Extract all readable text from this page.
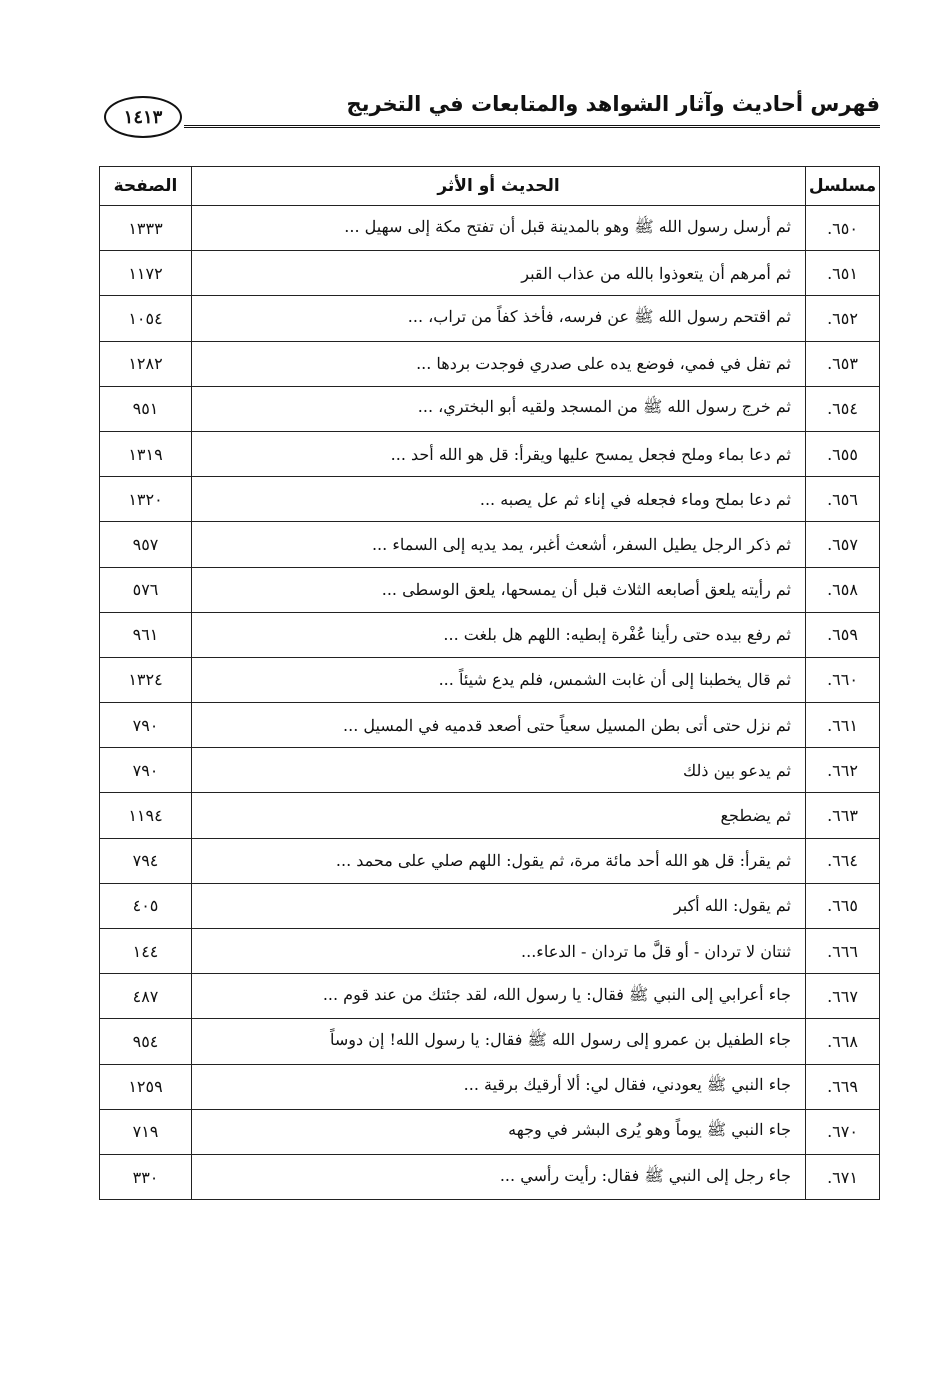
فهرس أحاديث وآثار الشواهد والمتابعات في التخريج
١٤١٣
مسلسل	الحديث أو الأثر	الصفحة
٦٥٠.	ثم أرسل رسول الله ﷺ وهو بالمدينة قبل أن تفتح مكة إلى سهيل ...	١٣٣٣
٦٥١.	ثم أمرهم أن يتعوذوا بالله من عذاب القبر	١١٧٢
٦٥٢.	ثم اقتحم رسول الله ﷺ عن فرسه، فأخذ كفاً من تراب، ...	١٠٥٤
٦٥٣.	ثم تفل في فمي، فوضع يده على صدري فوجدت بردها ...	١٢٨٢
٦٥٤.	ثم خرج رسول الله ﷺ من المسجد ولقيه أبو البختري، ...	٩٥١
٦٥٥.	ثم دعا بماء وملح فجعل يمسح عليها ويقرأ: قل هو الله أحد ...	١٣١٩
٦٥٦.	ثم دعا بملح وماء فجعله في إناء ثم عل يصبه ...	١٣٢٠
٦٥٧.	ثم ذكر الرجل يطيل السفر، أشعث أغبر، يمد يديه إلى السماء ...	٩٥٧
٦٥٨.	ثم رأيته يلعق أصابعه الثلاث قبل أن يمسحها، يلعق الوسطى ...	٥٧٦
٦٥٩.	ثم رفع بيده حتى رأينا عُفْرة إبطيه: اللهم هل بلغت ...	٩٦١
٦٦٠.	ثم قال يخطبنا إلى أن غابت الشمس، فلم يدع شيئاً ...	١٣٢٤
٦٦١.	ثم نزل حتى أتى بطن المسيل سعياً حتى أصعد قدميه في المسيل ...	٧٩٠
٦٦٢.	ثم يدعو بين ذلك	٧٩٠
٦٦٣.	ثم يضطجع	١١٩٤
٦٦٤.	ثم يقرأ: قل هو الله أحد مائة مرة، ثم يقول: اللهم صلي على محمد ...	٧٩٤
٦٦٥.	ثم يقول: الله أكبر	٤٠٥
٦٦٦.	ثنتان لا تردان - أو قلَّ ما تردان - الدعاء...	١٤٤
٦٦٧.	جاء أعرابي إلى النبي ﷺ فقال: يا رسول الله، لقد جئتك من عند قوم ...	٤٨٧
٦٦٨.	جاء الطفيل بن عمرو إلى رسول الله ﷺ فقال: يا رسول الله! إن دوساً	٩٥٤
٦٦٩.	جاء النبي ﷺ يعودني، فقال لي: ألا أرقيك برقية ...	١٢٥٩
٦٧٠.	جاء النبي ﷺ يوماً وهو يُرى البشر في وجهه	٧١٩
٦٧١.	جاء رجل إلى النبي ﷺ فقال: رأيت رأسي ...	٣٣٠
